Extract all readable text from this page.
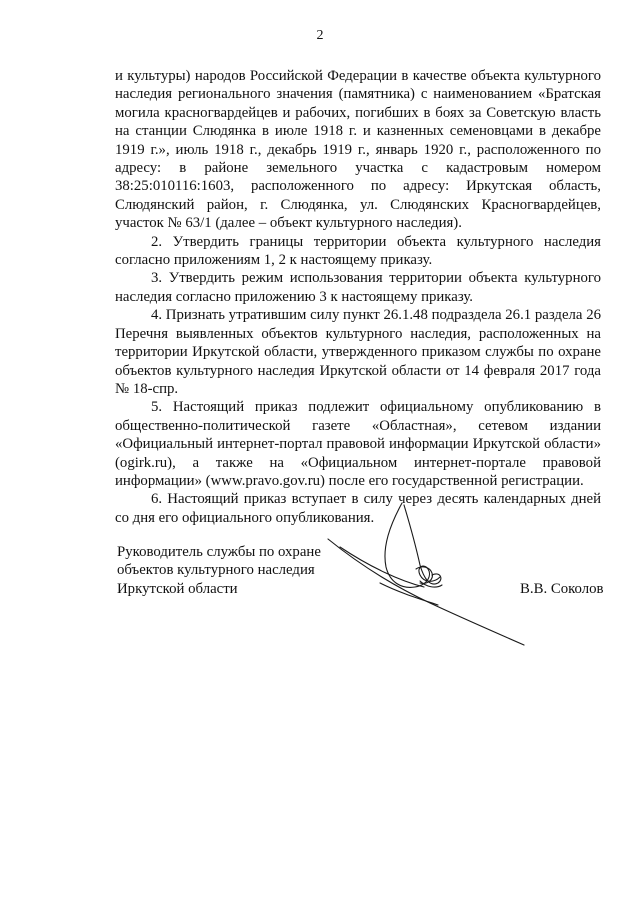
2

и культуры) народов Российской Федерации в качестве объекта культурного наследия регионального значения (памятника) с наименованием «Братская могила красногвардейцев и рабочих, погибших в боях за Советскую власть на станции Слюдянка в июле 1918 г. и казненных семеновцами в декабре 1919 г.», июль 1918 г., декабрь 1919 г., январь 1920 г., расположенного по адресу: в районе земельного участка с кадастровым номером 38:25:010116:1603, расположенного по адресу: Иркутская область, Слюдянский район, г. Слюдянка, ул. Слюдянских Красногвардейцев, участок № 63/1 (далее – объект культурного наследия).

2. Утвердить границы территории объекта культурного наследия согласно приложениям 1, 2 к настоящему приказу.

3. Утвердить режим использования территории объекта культурного наследия согласно приложению 3 к настоящему приказу.

4. Признать утратившим силу пункт 26.1.48 подраздела 26.1 раздела 26 Перечня выявленных объектов культурного наследия, расположенных на территории Иркутской области, утвержденного приказом службы по охране объектов культурного наследия Иркутской области от 14 февраля 2017 года № 18-спр.

5. Настоящий приказ подлежит официальному опубликованию в общественно-политической газете «Областная», сетевом издании «Официальный интернет-портал правовой информации Иркутской области» (ogirk.ru), а также на «Официальном интернет-портале правовой информации» (www.pravo.gov.ru) после его государственной регистрации.

6. Настоящий приказ вступает в силу через десять календарных дней со дня его официального опубликования.

Руководитель службы по охране
объектов культурного наследия
Иркутской области	В.В. Соколов
